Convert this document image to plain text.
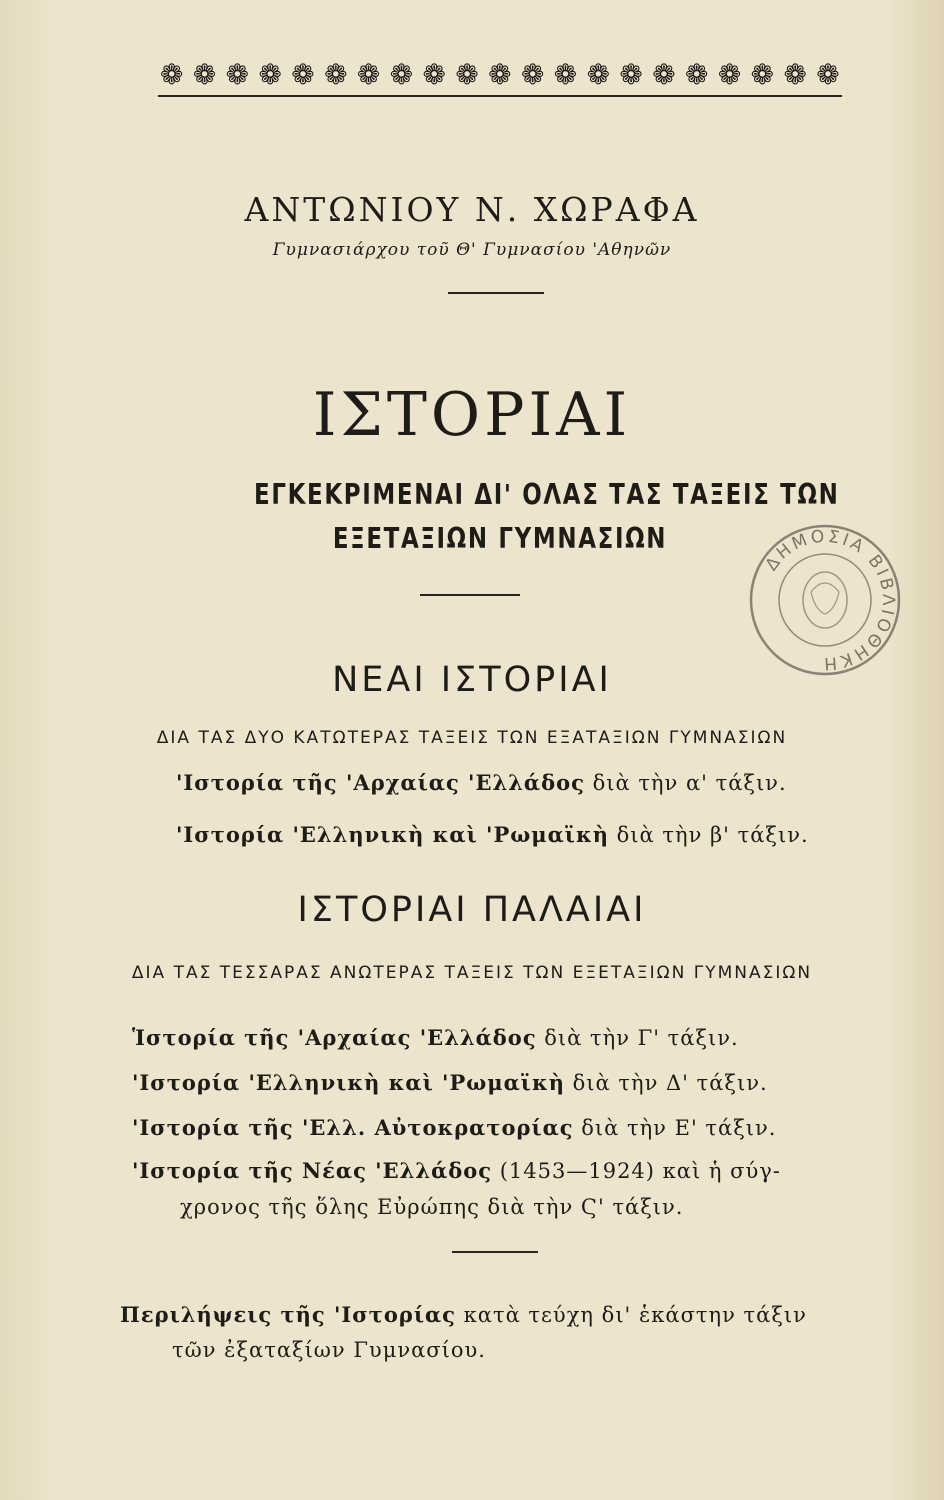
❁ ❁ ❁ ❁ ❁ ❁ ❁ ❁ ❁ ❁ ❁ ❁ ❁ ❁ ❁ ❁ ❁ ❁ ❁ ❁ ❁
ΑΝΤΩΝΙΟΥ Ν. ΧΩΡΑΦΑ
Γυμνασιάρχου τοῦ Θ' Γυμνασίου 'Αθηνῶν
ΙΣΤΟΡΙΑΙ
ΕΓΚΕΚΡΙΜΕΝΑΙ ΔΙ' ΟΛΑΣ ΤΑΣ ΤΑΞΕΙΣ ΤΩΝ
ΕΞΕΤΑΞΙΩΝ ΓΥΜΝΑΣΙΩΝ
ΔΗΜΟΣΙΑ ΒΙΒΛΙΟΘΗΚΗ
ΝΕΑΙ ΙΣΤΟΡΙΑΙ
ΔΙΑ ΤΑΣ ΔΥΟ ΚΑΤΩΤΕΡΑΣ ΤΑΞΕΙΣ ΤΩΝ ΕΞΑΤΑΞΙΩΝ ΓΥΜΝΑΣΙΩΝ
'Ιστορία τῆς 'Αρχαίας 'Ελλάδος διὰ τὴν α' τάξιν.
'Ιστορία 'Ελληνικὴ καὶ 'Ρωμαϊκὴ διὰ τὴν β' τάξιν.
ΙΣΤΟΡΙΑΙ ΠΑΛΑΙΑΙ
ΔΙΑ ΤΑΣ ΤΕΣΣΑΡΑΣ ΑΝΩΤΕΡΑΣ ΤΑΞΕΙΣ ΤΩΝ ΕΞΕΤΑΞΙΩΝ ΓΥΜΝΑΣΙΩΝ
Ἱστορία τῆς 'Αρχαίας 'Ελλάδος διὰ τὴν Γ' τάξιν.
'Ιστορία 'Ελληνικὴ καὶ 'Ρωμαϊκὴ διὰ τὴν Δ' τάξιν.
'Ιστορία τῆς 'Ελλ. Αὐτοκρατορίας διὰ τὴν Ε' τάξιν.
'Ιστορία τῆς Νέας 'Ελλάδος (1453—1924) καὶ ἡ σύγ-
χρονος τῆς ὅλης Εὐρώπης διὰ τὴν Ϛ' τάξιν.
Περιλήψεις τῆς 'Ιστορίας κατὰ τεύχη δι' ἑκάστην τάξιν
τῶν ἐξαταξίων Γυμνασίου.
